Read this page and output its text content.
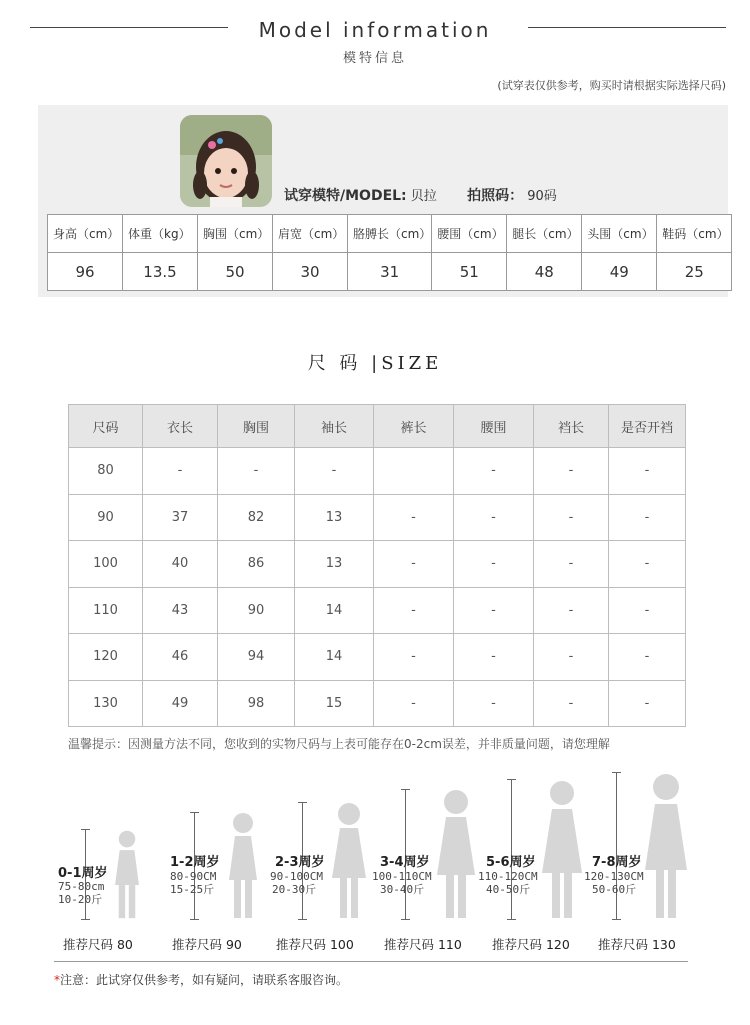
Model information
模特信息
(试穿表仅供参考，购买时请根据实际选择尺码)
试穿模特/MODEL: 贝拉 拍照码： 90码
身高（cm）	体重（kg）	胸围（cm）	肩宽（cm）	胳膊长（cm）	腰围（cm）	腿长（cm）	头围（cm）	鞋码（cm）
96	13.5	50	30	31	51	48	49	25
尺 码 |SIZE
尺码	衣长	胸围	袖长	裤长	腰围	裆长	是否开裆
80	-	-	-		-	-	-
90	37	82	13	-	-	-	-
100	40	86	13	-	-	-	-
110	43	90	14	-	-	-	-
120	46	94	14	-	-	-	-
130	49	98	15	-	-	-	-
温馨提示：因测量方法不同，您收到的实物尺码与上表可能存在0-2cm误差，并非质量问题，请您理解
0-1周岁
75-80cm
10-20斤
推荐尺码 80
1-2周岁
80-90CM
15-25斤
推荐尺码 90
2-3周岁
90-100CM
20-30斤
推荐尺码 100
3-4周岁
100-110CM
30-40斤
推荐尺码 110
5-6周岁
110-120CM
40-50斤
推荐尺码 120
7-8周岁
120-130CM
50-60斤
推荐尺码 130
*注意：此试穿仅供参考，如有疑问，请联系客服咨询。
